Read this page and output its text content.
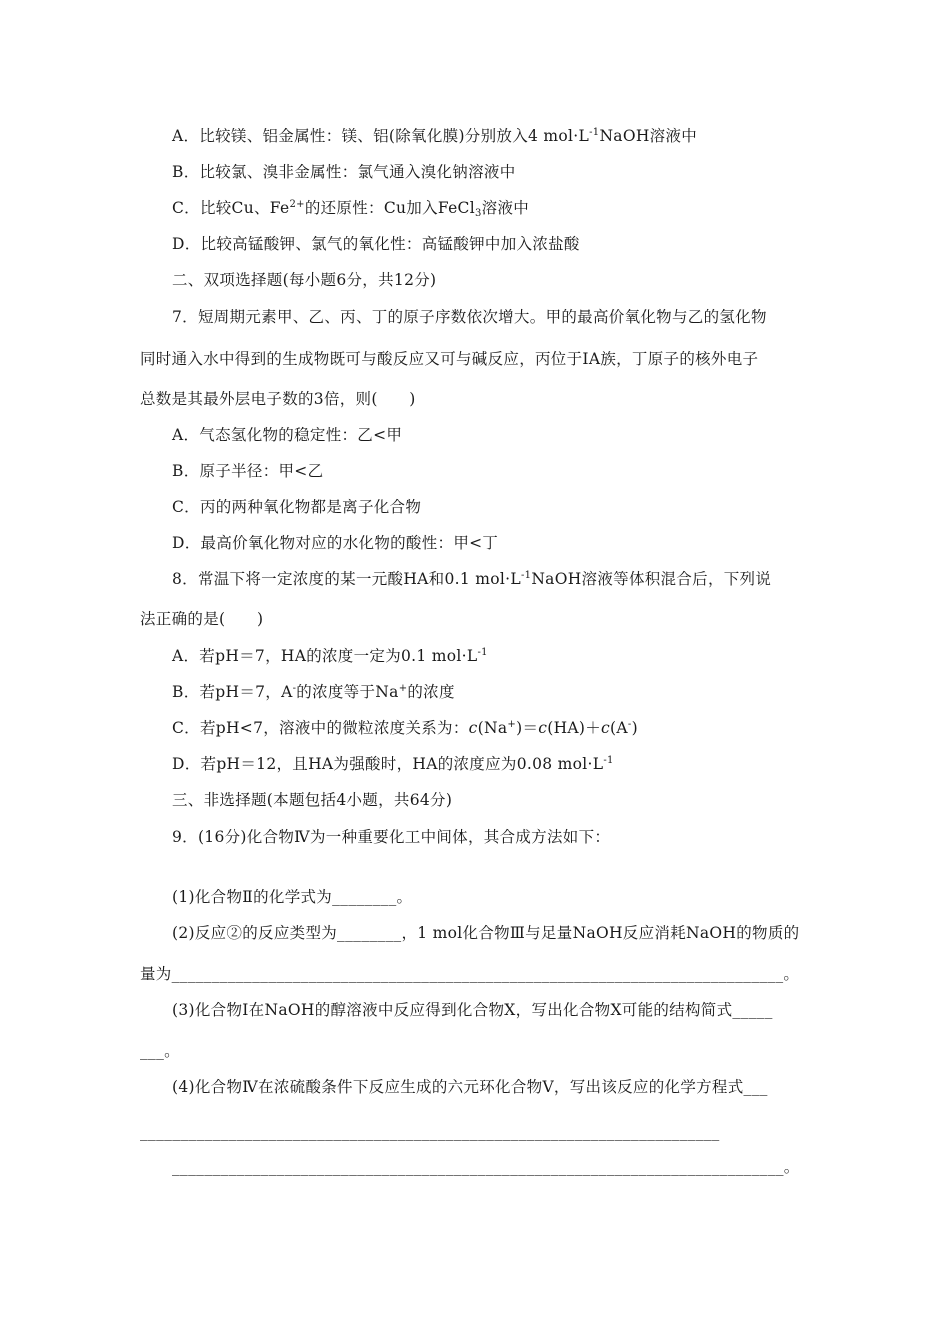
A．比较镁、铝金属性：镁、铝(除氧化膜)分别放入4 $mol\cdot L^{-1}NaOH$溶液中
B．比较氯、溴非金属性：氯气通入溴化钠溶液中
C．比较Cu、$Fe^{2+}$的还原性：Cu加入FeCl$_3$溶液中
D．比较高锰酸钾、氯气的氧化性：高锰酸钾中加入浓盐酸
二、双项选择题(每小题6分，共12分)
7．短周期元素甲、乙、丙、丁的原子序数依次增大。甲的最高价氧化物与乙的氢化物
同时通入水中得到的生成物既可与酸反应又可与碱反应，丙位于ⅠA族，丁原子的核外电子
总数是其最外层电子数的3倍，则(　　)
A．气态氢化物的稳定性：乙<甲
B．原子半径：甲<乙
C．丙的两种氧化物都是离子化合物
D．最高价氧化物对应的水化物的酸性：甲<丁
8．常温下将一定浓度的某一元酸HA和0.1 $mol\cdot L^{-1}NaOH$溶液等体积混合后，下列说
法正确的是(　　)
A．若pH＝7，HA的浓度一定为0.1 $mol\cdot L^{-1}$
B．若pH＝7，A-的浓度等于Na+的浓度
C．若pH<7，溶液中的微粒浓度关系为：c(Na+)＝c(HA)＋c(A-)
D．若pH＝12，且HA为强酸时，HA的浓度应为0.08 $mol\cdot L^{-1}$
三、非选择题(本题包括4小题，共64分)
9．(16分)化合物Ⅳ为一种重要化工中间体，其合成方法如下：
(1)化合物Ⅱ的化学式为________。
(2)反应②的反应类型为________，1 mol化合物Ⅲ与足量NaOH反应消耗NaOH的物质的
量为____________________________________________________________________________。
(3)化合物Ⅰ在NaOH的醇溶液中反应得到化合物X，写出化合物X可能的结构简式_____
___。
(4)化合物Ⅳ在浓硫酸条件下反应生成的六元环化合物Ⅴ，写出该反应的化学方程式___
________________________________________________________________________
____________________________________________________________________________。
